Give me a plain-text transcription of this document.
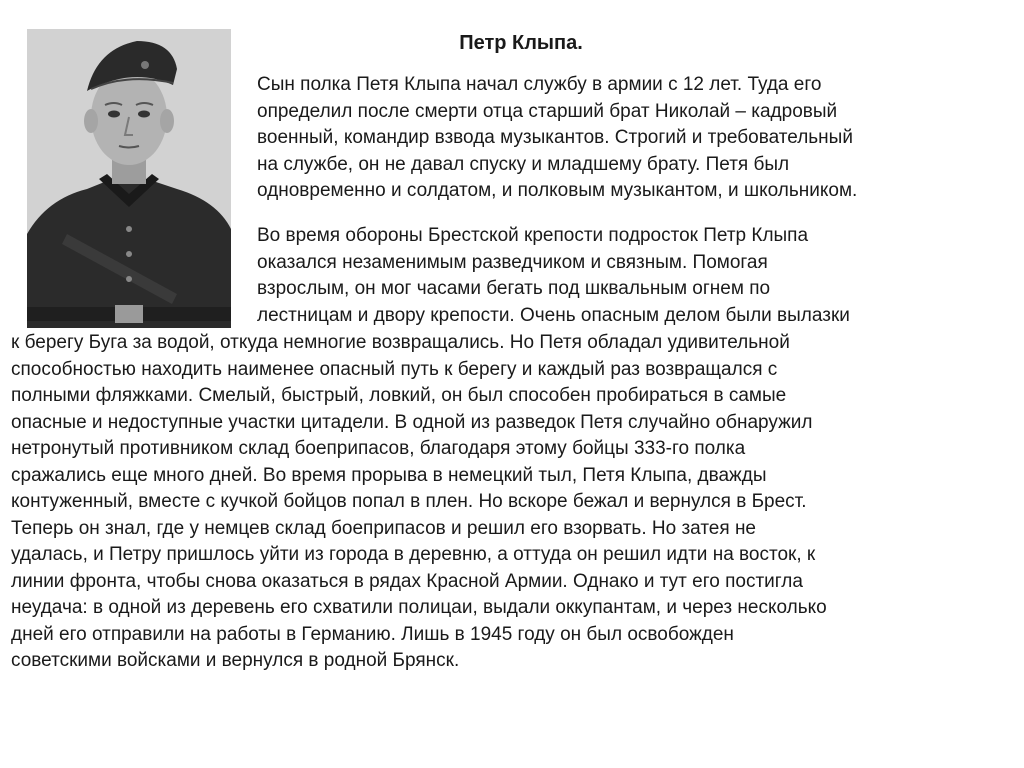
Петр Клыпа.

Сын полка Петя Клыпа начал службу в армии с 12 лет. Туда его
определил после смерти отца старший брат Николай – кадровый
военный, командир взвода музыкантов. Строгий и требовательный
на службе, он не давал спуску и младшему брату. Петя был
одновременно и солдатом, и полковым музыкантом, и школьником.

Во время обороны Брестской крепости подросток Петр Клыпа
оказался незаменимым разведчиком и связным. Помогая
взрослым, он мог часами бегать под шквальным огнем по
лестницам и двору крепости. Очень опасным делом были вылазки

к берегу Буга за водой, откуда немногие возвращались. Но Петя обладал удивительной
способностью находить наименее опасный путь к берегу и каждый раз возвращался с
полными фляжками. Смелый, быстрый, ловкий, он был способен пробираться в самые
опасные и недоступные участки цитадели. В одной из разведок Петя случайно обнаружил
нетронутый противником склад боеприпасов, благодаря этому бойцы 333-го полка
сражались еще много дней. Во время прорыва в немецкий тыл, Петя Клыпа, дважды
контуженный, вместе с кучкой бойцов попал в плен. Но вскоре бежал и вернулся в Брест.
Теперь он знал, где у немцев склад боеприпасов и решил его взорвать. Но затея не
удалась, и Петру пришлось уйти из города в деревню, а оттуда он решил идти на восток, к
линии фронта, чтобы снова оказаться в рядах Красной Армии. Однако и тут его постигла
неудача: в одной из деревень его схватили полицаи, выдали оккупантам, и через несколько
дней его отправили на работы в Германию. Лишь в 1945 году он был освобожден
советскими войсками и вернулся в родной Брянск.
